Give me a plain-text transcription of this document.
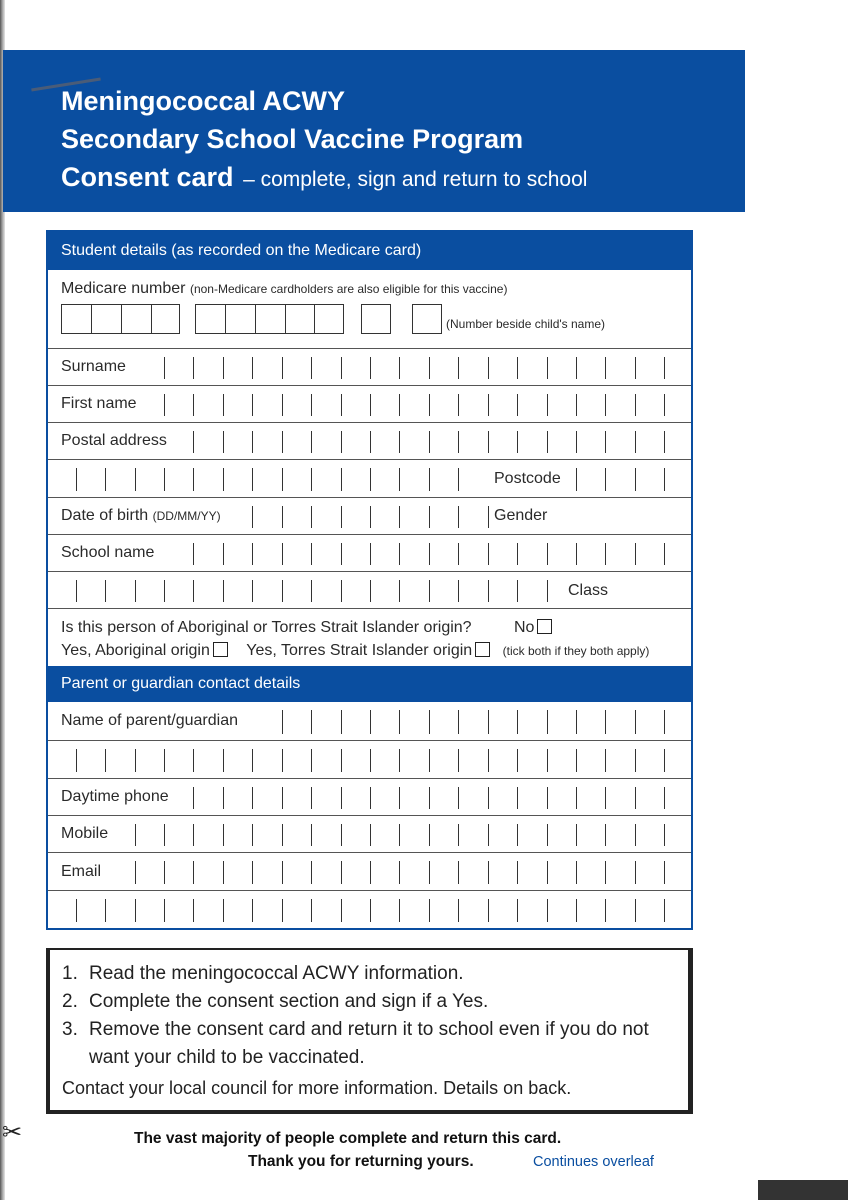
Meningococcal ACWY
Secondary School Vaccine Program
Consent card – complete, sign and return to school
Student details (as recorded on the Medicare card)
Medicare number (non-Medicare cardholders are also eligible for this vaccine)
(Number beside child's name)
Surname
First name
Postal address
Postcode
Date of birth (DD/MM/YY)	Gender
School name
Class
Is this person of Aboriginal or Torres Strait Islander origin?	No
Yes, Aboriginal origin Yes, Torres Strait Islander origin	(tick both if they both apply)
Parent or guardian contact details
Name of parent/guardian
Daytime phone
Mobile
Email
1. Read the meningococcal ACWY information.
2. Complete the consent section and sign if a Yes.
3. Remove the consent card and return it to school even if you do not want your child to be vaccinated.
Contact your local council for more information. Details on back.
✂	The vast majority of people complete and return this card.
Thank you for returning yours.	Continues overleaf
